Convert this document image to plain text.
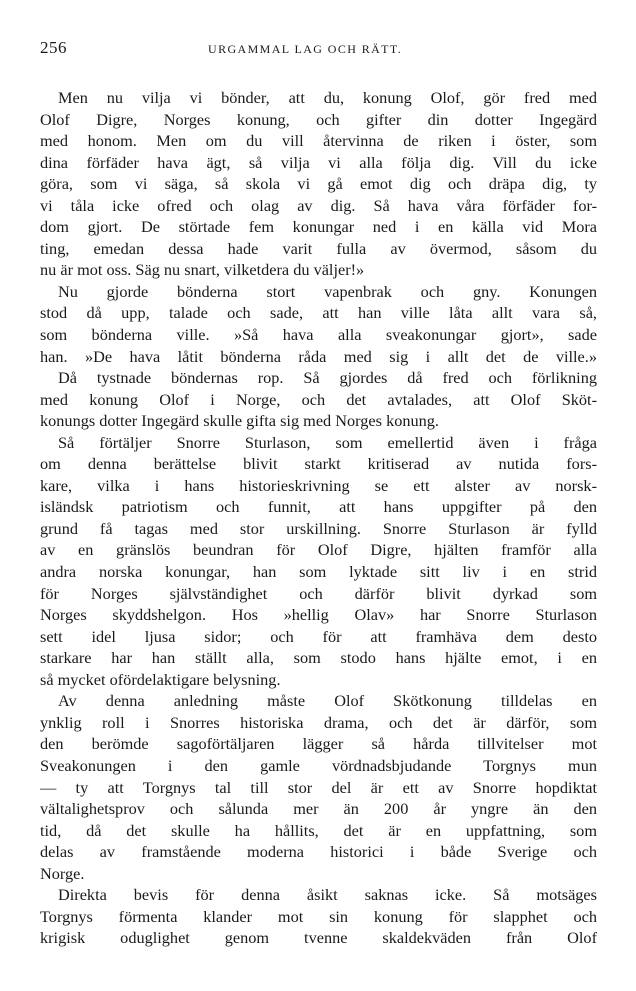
256	URGAMMAL LAG OCH RÄTT.
Men nu vilja vi bönder, att du, konung Olof, gör fred med
Olof Digre, Norges konung, och gifter din dotter Ingegärd
med honom. Men om du vill återvinna de riken i öster, som
dina förfäder hava ägt, så vilja vi alla följa dig. Vill du icke
göra, som vi säga, så skola vi gå emot dig och dräpa dig, ty
vi tåla icke ofred och olag av dig. Så hava våra förfäder for-
dom gjort. De störtade fem konungar ned i en källa vid Mora
ting, emedan dessa hade varit fulla av övermod, såsom du
nu är mot oss. Säg nu snart, vilketdera du väljer!»
Nu gjorde bönderna stort vapenbrak och gny. Konungen
stod då upp, talade och sade, att han ville låta allt vara så,
som bönderna ville. »Så hava alla sveakonungar gjort», sade
han. »De hava låtit bönderna råda med sig i allt det de ville.»
Då tystnade böndernas rop. Så gjordes då fred och förlikning
med konung Olof i Norge, och det avtalades, att Olof Sköt-
konungs dotter Ingegärd skulle gifta sig med Norges konung.
Så förtäljer Snorre Sturlason, som emellertid även i fråga
om denna berättelse blivit starkt kritiserad av nutida fors-
kare, vilka i hans historieskrivning se ett alster av norsk-
isländsk patriotism och funnit, att hans uppgifter på den
grund få tagas med stor urskillning. Snorre Sturlason är fylld
av en gränslös beundran för Olof Digre, hjälten framför alla
andra norska konungar, han som lyktade sitt liv i en strid
för Norges självständighet och därför blivit dyrkad som
Norges skyddshelgon. Hos »hellig Olav» har Snorre Sturlason
sett idel ljusa sidor; och för att framhäva dem desto
starkare har han ställt alla, som stodo hans hjälte emot, i en
så mycket ofördelaktigare belysning.
Av denna anledning måste Olof Skötkonung tilldelas en
ynklig roll i Snorres historiska drama, och det är därför, som
den berömde sagoförtäljaren lägger så hårda tillvitelser mot
Sveakonungen i den gamle vördnadsbjudande Torgnys mun
— ty att Torgnys tal till stor del är ett av Snorre hopdiktat
vältalighetsprov och sålunda mer än 200 år yngre än den
tid, då det skulle ha hållits, det är en uppfattning, som
delas av framstående moderna historici i både Sverige och
Norge.
Direkta bevis för denna åsikt saknas icke. Så motsäges
Torgnys förmenta klander mot sin konung för slapphet och
krigisk oduglighet genom tvenne skaldekväden från Olof
